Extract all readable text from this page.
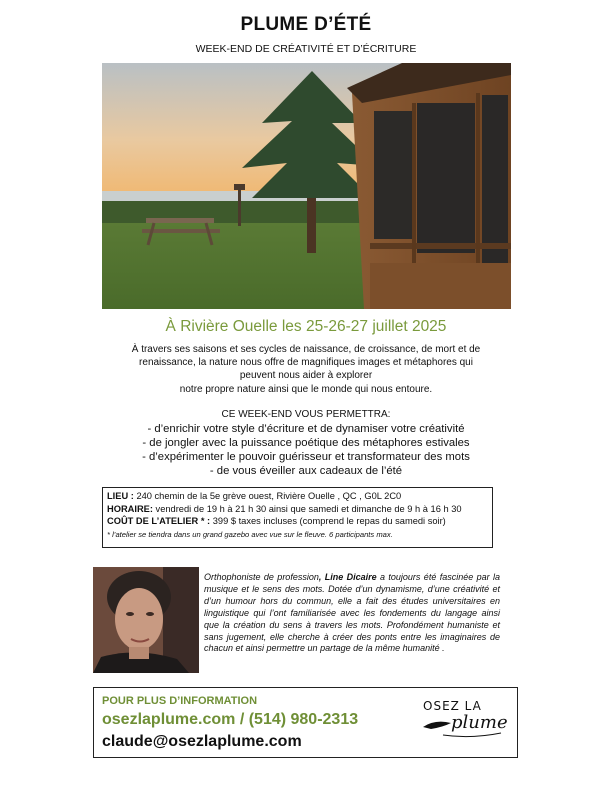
PLUME D’ÉTÉ
WEEK-END DE CRÉATIVITÉ ET D’ÉCRITURE
À Rivière Ouelle les 25-26-27 juillet 2025
À travers ses saisons et ses cycles de naissance, de croissance, de mort et de
renaissance, la nature nous offre de magnifiques images et métaphores qui
peuvent nous aider à explorer
notre propre nature ainsi que le monde qui nous entoure.
CE WEEK-END VOUS PERMETTRA:
- d’enrichir votre style d’écriture et de dynamiser votre créativité
- de jongler avec la puissance poétique des métaphores estivales
- d’expérimenter le pouvoir guérisseur et transformateur des mots
- de vous éveiller aux cadeaux de l’été
LIEU : 240 chemin de la 5e grève ouest, Rivière Ouelle , QC , G0L 2C0
HORAIRE: vendredi de 19 h à 21 h 30 ainsi que samedi et dimanche de 9 h à 16 h 30
COÛT DE L’ATELIER * : 399 $ taxes incluses (comprend le repas du samedi soir)
* l’atelier se tiendra dans un grand gazebo avec vue sur le fleuve. 6 participants max.
Orthophoniste de profession, Line Dicaire a toujours été fascinée par la musique et le sens des mots. Dotée d’un dynamisme, d’une créativité et d’un humour hors du commun, elle a fait des études universitaires en linguistique qui l’ont familiarisée avec les fondements du langage ainsi que la création du sens à travers les mots. Profondément humaniste et sans jugement, elle cherche à créer des ponts entre les imaginaires de chacun et ainsi permettre un partage de la même humanité .
POUR PLUS D’INFORMATION
osezlaplume.com / (514) 980-2313
claude@osezlaplume.com
OSEZ LA
plume
